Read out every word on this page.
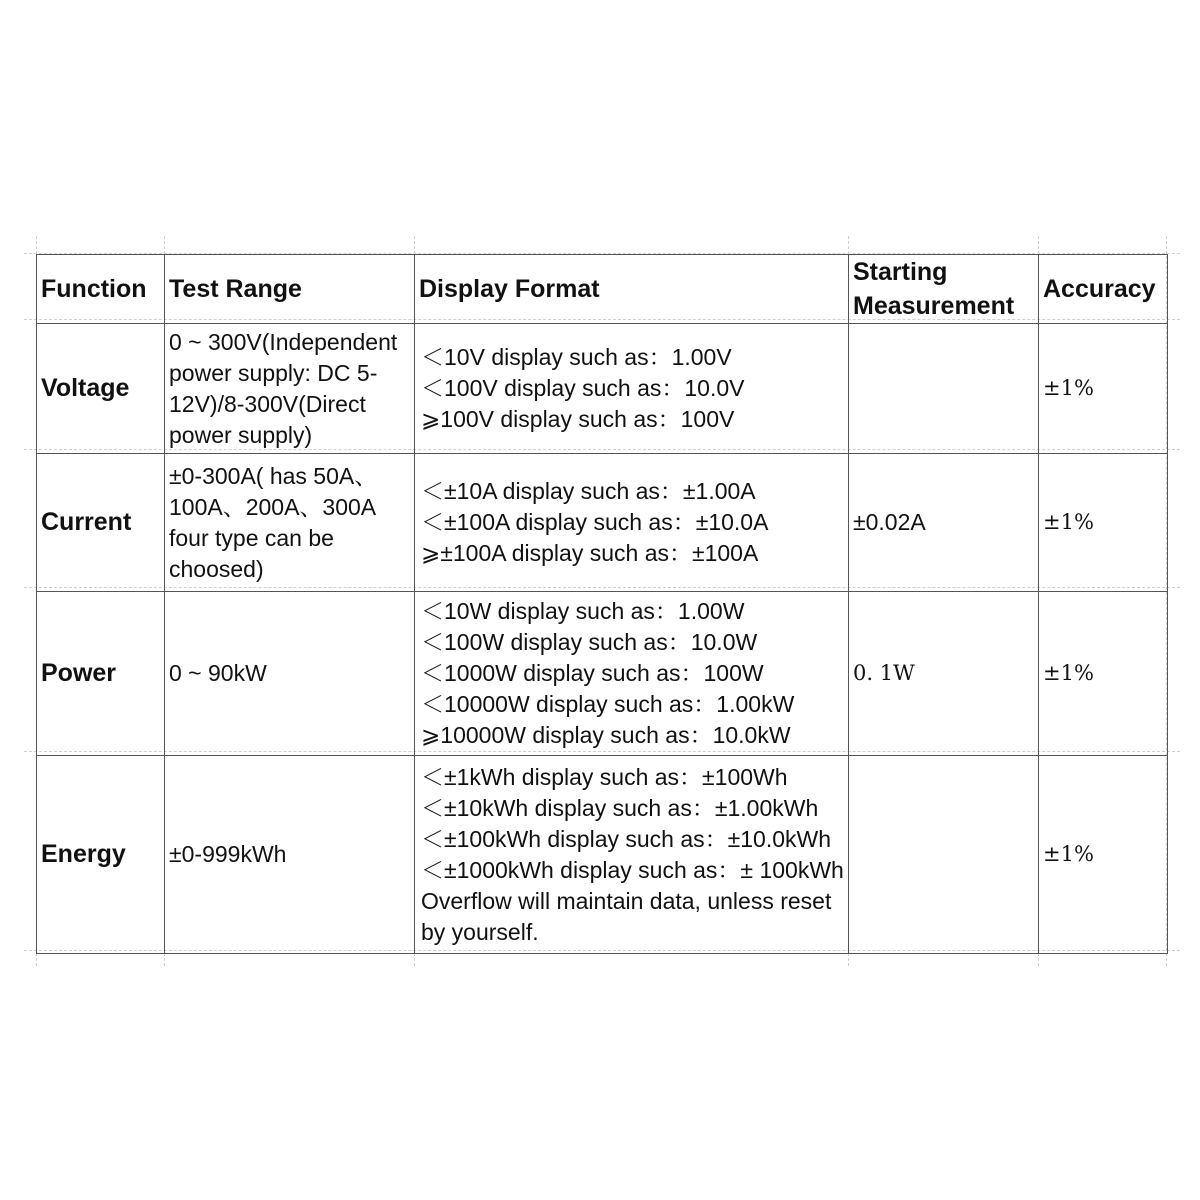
Function	Test Range	Display Format	Starting Measurement	Accuracy
Voltage	0 ~ 300V(Independent power supply: DC 5-12V)/8-300V(Direct power supply)	＜10V display such as：1.00V
＜100V display such as：10.0V
⩾100V display such as：100V		±1%
Current	±0-300A( has 50A、100A、200A、300A four type can be choosed)	＜±10A display such as：±1.00A
＜±100A display such as：±10.0A
⩾±100A display such as：±100A	±0.02A	±1%
Power	0 ~ 90kW	＜10W display such as：1.00W
＜100W display such as：10.0W
＜1000W display such as：100W
＜10000W display such as：1.00kW
⩾10000W display such as：10.0kW	0. 1W	±1%
Energy	±0-999kWh	＜±1kWh display such as：±100Wh
＜±10kWh display such as：±1.00kWh
＜±100kWh display such as：±10.0kWh
＜±1000kWh display such as：± 100kWh Overflow will maintain data, unless reset by yourself.		±1%
